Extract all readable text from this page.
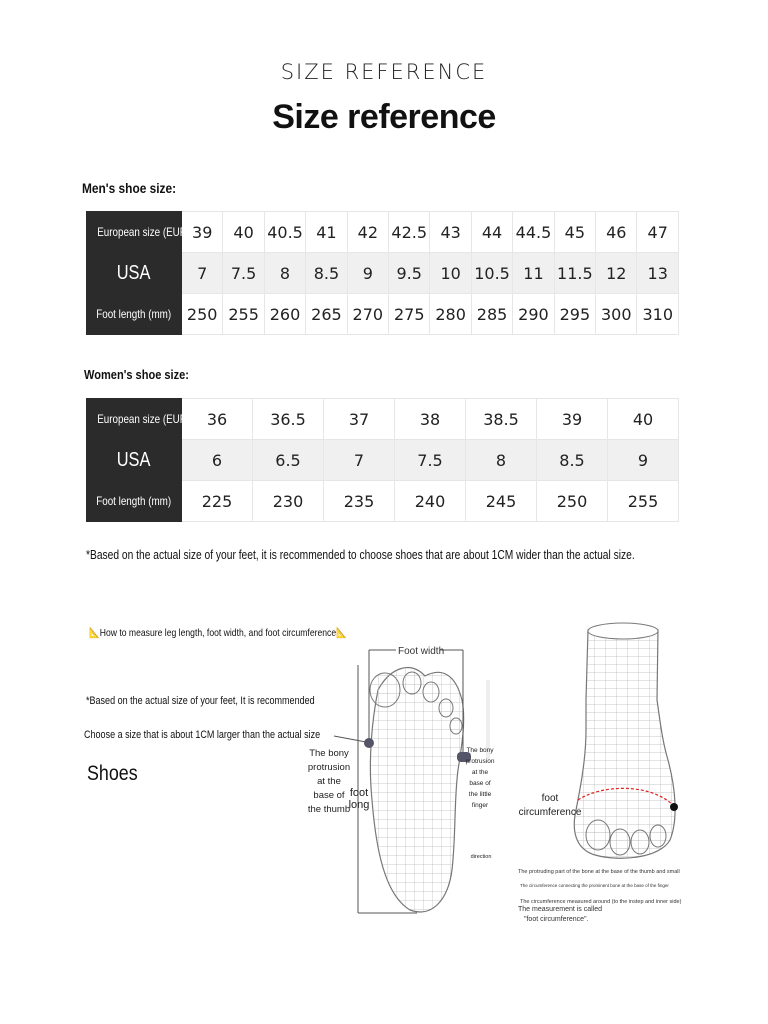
SIZE REFERENCE
Size reference
Men's shoe size:
European size (EUR)	39	40	40.5	41	42	42.5	43	44	44.5	45	46	47
USA	7	7.5	8	8.5	9	9.5	10	10.5	11	11.5	12	13
Foot length (mm)	250	255	260	265	270	275	280	285	290	295	300	310
Women's shoe size:
European size (EUR)	36	36.5	37	38	38.5	39	40
USA	6	6.5	7	7.5	8	8.5	9
Foot length (mm)	225	230	235	240	245	250	255
*Based on the actual size of your feet, it is recommended to choose shoes that are about 1CM wider than the actual size.
📐How to measure leg length, foot width, and foot circumference📐
*Based on the actual size of your feet, It is recommended
Choose a size that is about 1CM larger than the actual size
Shoes
Foot width
The bony
protrusion
at the
base of
the thumb
foot
long
The bony
protrusion
at the
base of
the little
finger
direction
foot
circumference
The protruding part of the bone at the base of the thumb and small
The circumference connecting the prominent bone at the base of the finger
The circumference measured around (to the instep and inner side)
The measurement is called
"foot circumference".
